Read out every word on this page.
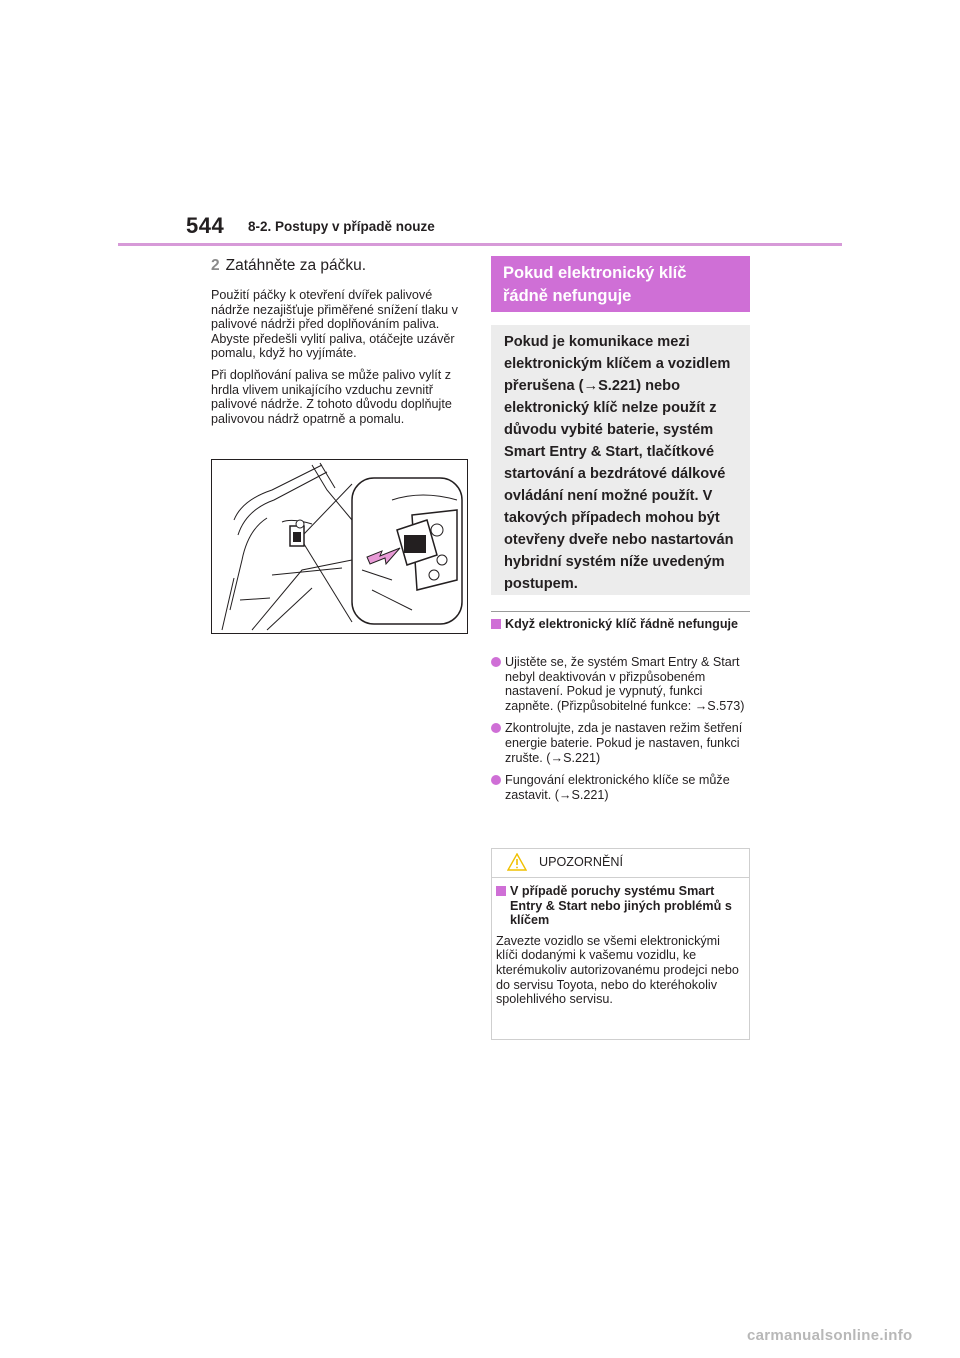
544 8-2. Postupy v případě nouze

2 Zatáhněte za páčku.

Použití páčky k otevření dvířek palivové nádrže nezajišťuje přiměřené snížení tlaku v palivové nádrži před doplňováním paliva. Abyste předešli vylití paliva, otáčejte uzávěr pomalu, když ho vyjímáte.

Při doplňování paliva se může palivo vylít z hrdla vlivem unikajícího vzduchu zevnitř palivové nádrže. Z tohoto důvodu doplňujte palivovou nádrž opatrně a pomalu.

Pokud elektronický klíč
řádně nefunguje
Pokud je komunikace mezi elektronickým klíčem a vozidlem přerušena (→S.221) nebo elektronický klíč nelze použít z důvodu vybité baterie, systém Smart Entry & Start, tlačítkové startování a bezdrátové dálkové ovládání není možné použít. V takových případech mohou být otevřeny dveře nebo nastartován hybridní systém níže uvedeným postupem.
Když elektronický klíč řádně nefunguje
Ujistěte se, že systém Smart Entry & Start nebyl deaktivován v přizpůsobeném nastavení. Pokud je vypnutý, funkci zapněte. (Přizpůsobitelné funkce: →S.573)
Zkontrolujte, zda je nastaven režim šetření energie baterie. Pokud je nastaven, funkci zrušte. (→S.221)
Fungování elektronického klíče se může zastavit. (→S.221)
UPOZORNĚNÍ
V případě poruchy systému Smart Entry & Start nebo jiných problémů s klíčem
Zavezte vozidlo se všemi elektronickými klíči dodanými k vašemu vozidlu, ke kterémukoliv autorizovanému prodejci nebo do servisu Toyota, nebo do kteréhokoliv spolehlivého servisu.
carmanualsonline.info
